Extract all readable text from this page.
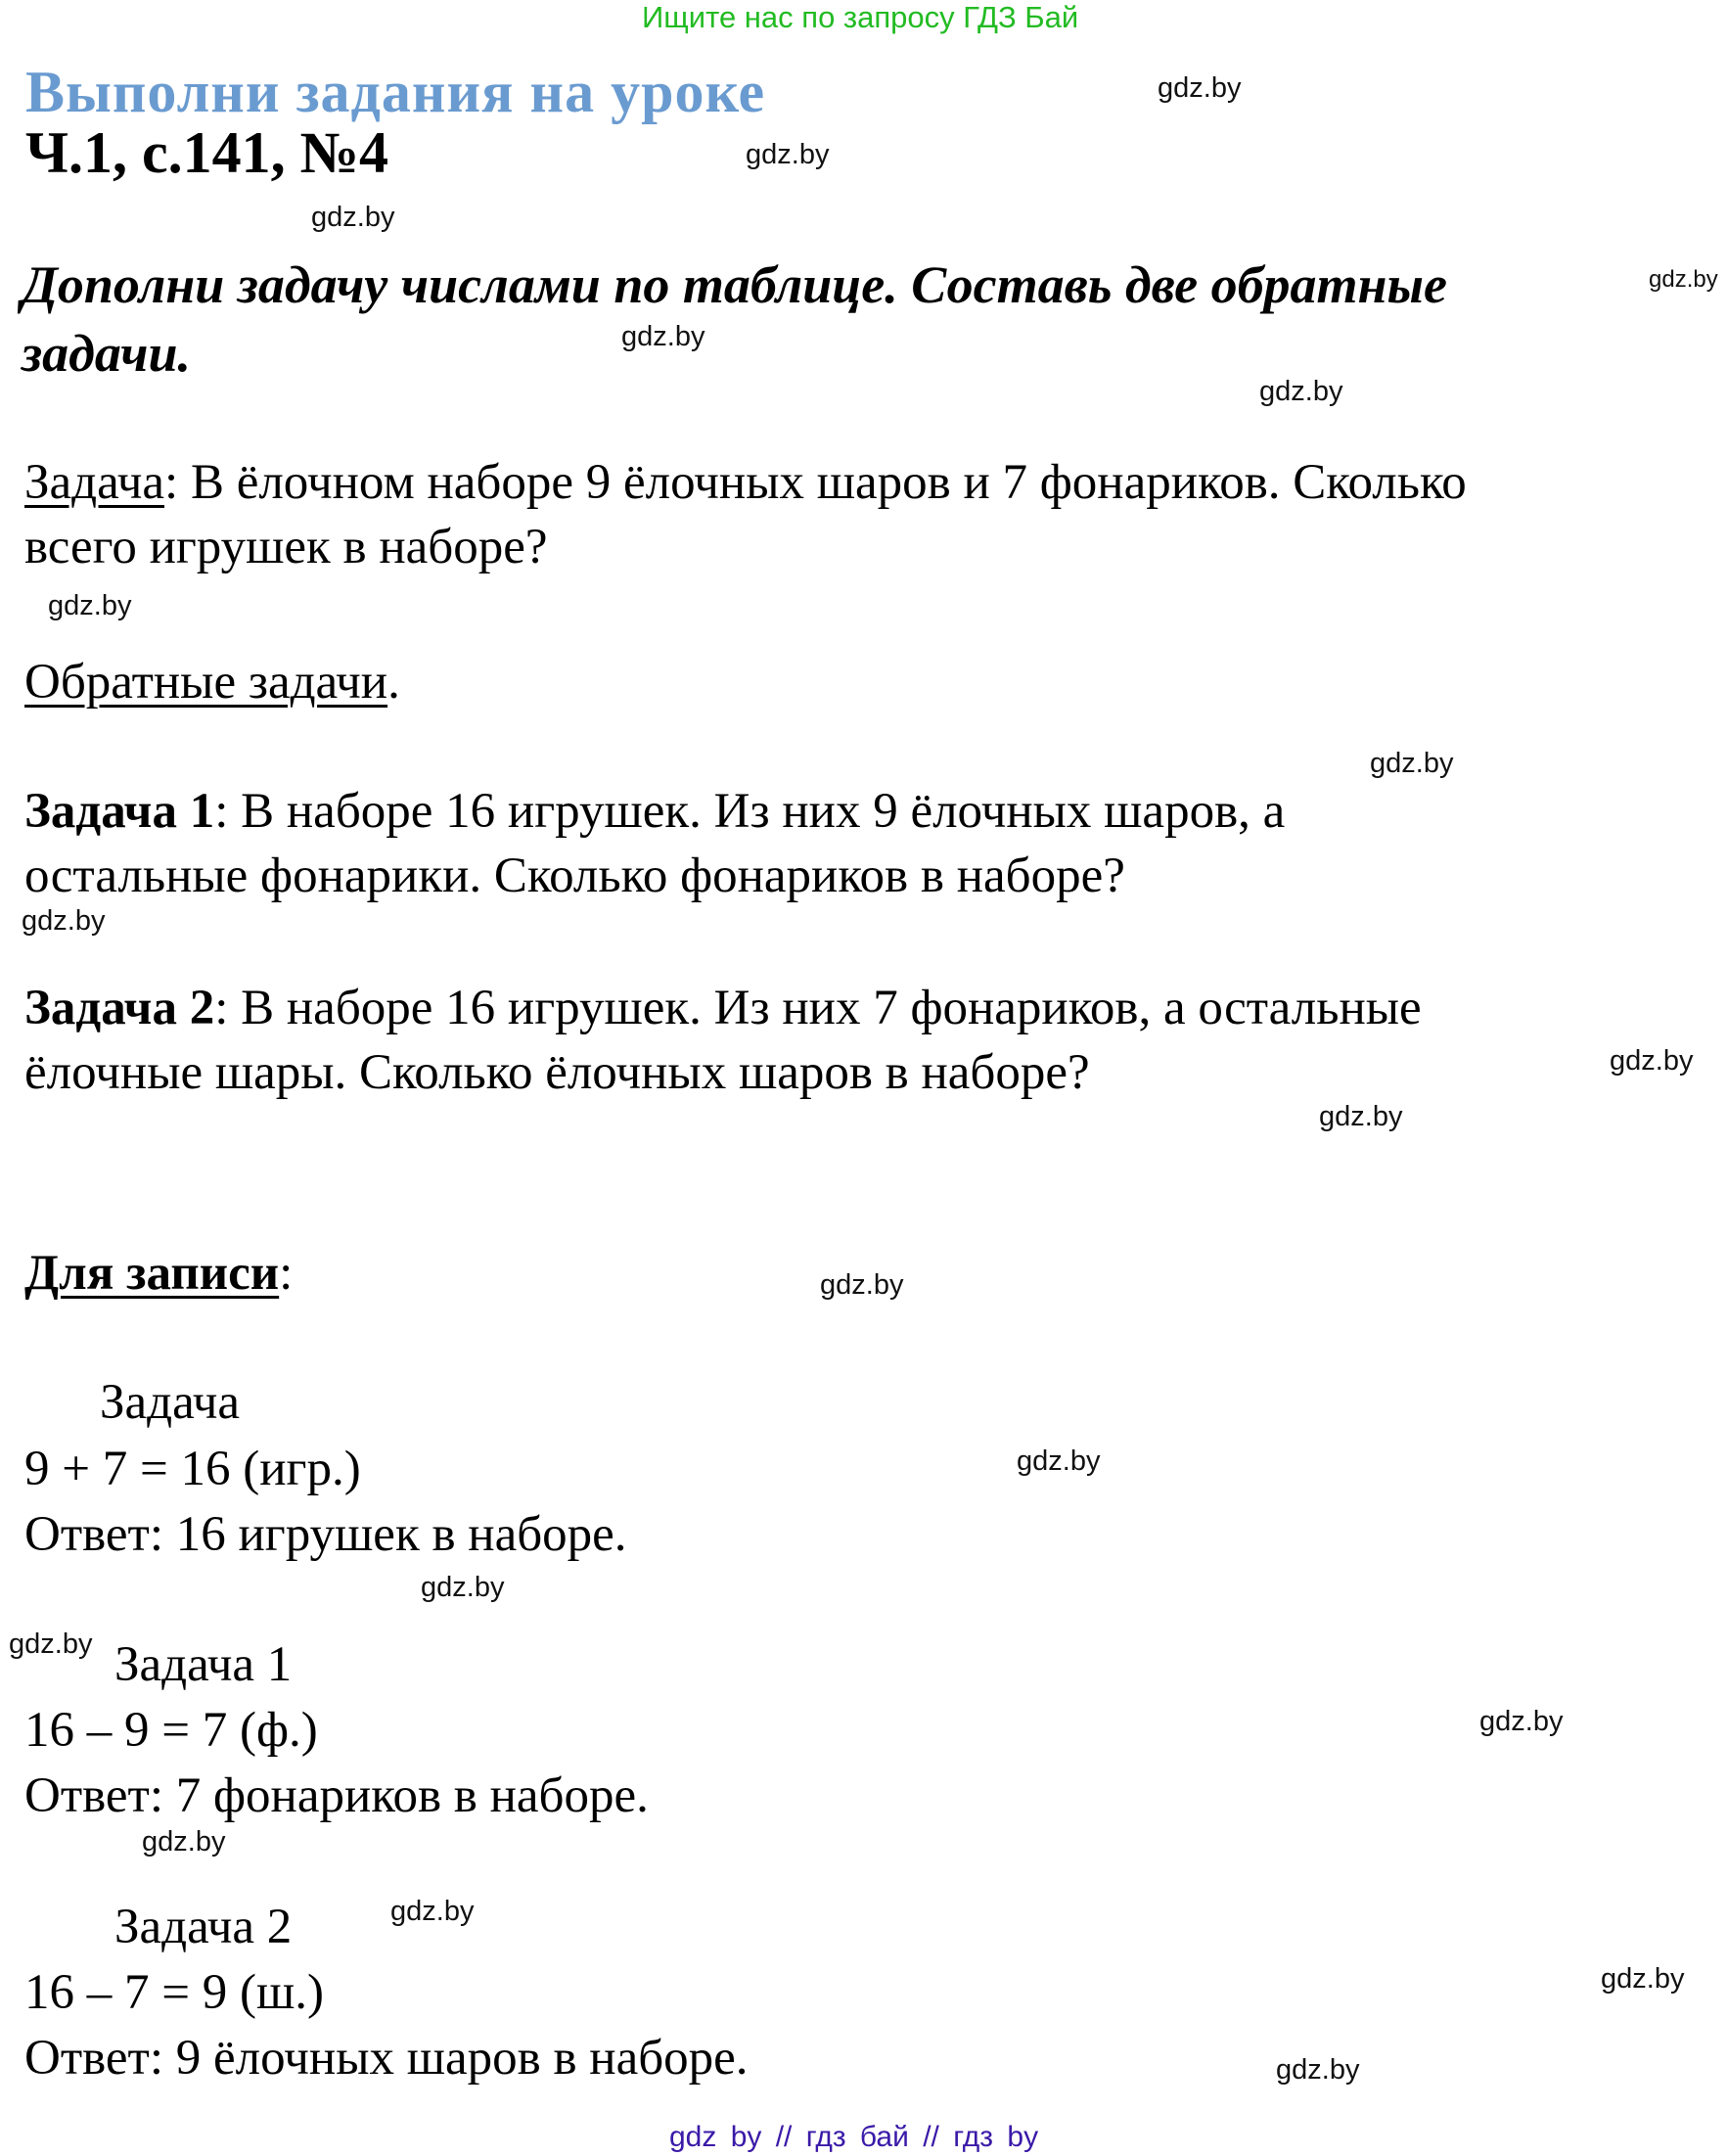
Ищите нас по запросу ГДЗ Бай
Выполни задания на уроке
Ч.1, с.141, №4
Дополни задачу числами по таблице. Составь две обратные
задачи.
Задача: В ёлочном наборе 9 ёлочных шаров и 7 фонариков. Сколько
всего игрушек в наборе?
Обратные задачи.
Задача 1: В наборе 16 игрушек. Из них 9 ёлочных шаров, а
остальные фонарики. Сколько фонариков в наборе?
Задача 2: В наборе 16 игрушек. Из них 7 фонариков, а остальные
ёлочные шары. Сколько ёлочных шаров в наборе?
Для записи:
Задача
9 + 7 = 16 (игр.)
Ответ: 16 игрушек в наборе.
Задача 1
16 – 9 = 7 (ф.)
Ответ: 7 фонариков в наборе.
Задача 2
16 – 7 = 9 (ш.)
Ответ: 9 ёлочных шаров в наборе.
gdz.by
gdz.by
gdz.by
gdz.by
gdz.by
gdz.by
gdz.by
gdz.by
gdz.by
gdz.by
gdz.by
gdz.by
gdz.by
gdz.by
gdz.by
gdz.by
gdz.by
gdz.by
gdz.by
gdz.by
gdz by // гдз бай // гдз by
